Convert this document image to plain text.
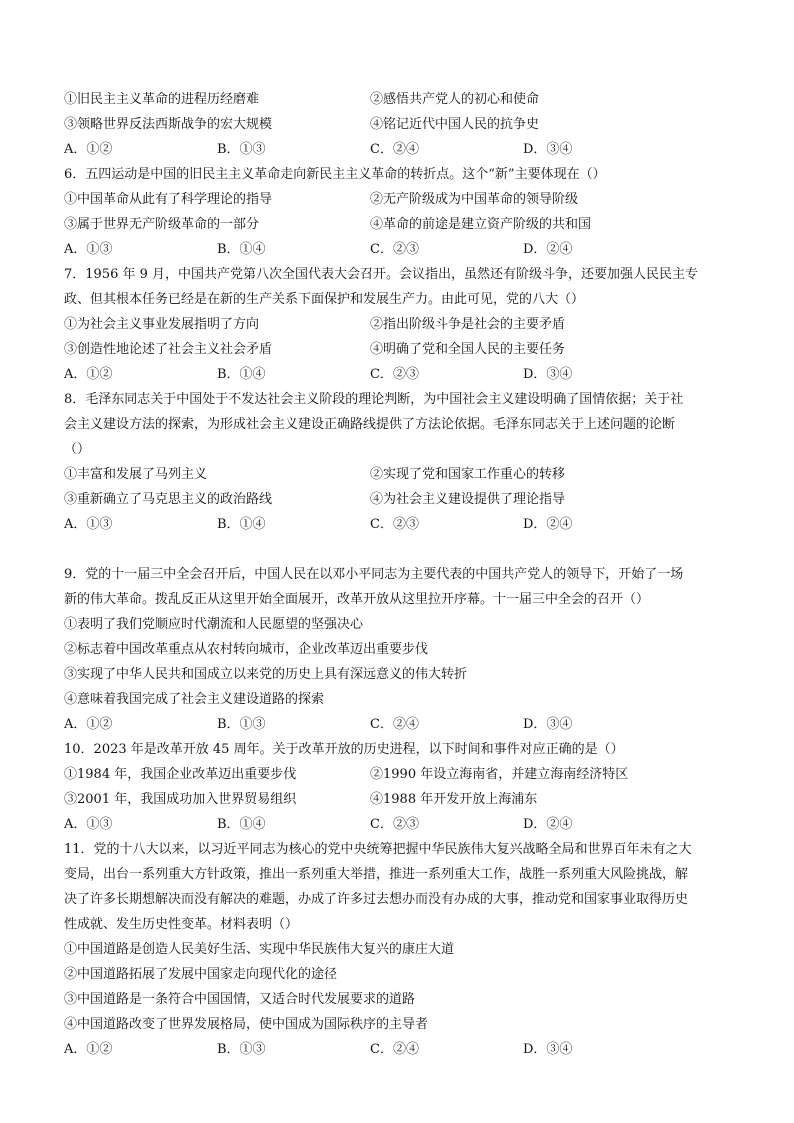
①旧民主主义革命的进程历经磨难	②感悟共产党人的初心和使命
③领略世界反法西斯战争的宏大规模	④铭记近代中国人民的抗争史
A．①②	B．①③	C．②④	D．③④
6．五四运动是中国的旧民主主义革命走向新民主主义革命的转折点。这个“新”主要体现在（）
①中国革命从此有了科学理论的指导	②无产阶级成为中国革命的领导阶级
③属于世界无产阶级革命的一部分	④革命的前途是建立资产阶级的共和国
A．①③	B．①④	C．②③	D．②④
7．1956 年 9 月，中国共产党第八次全国代表大会召开。会议指出，虽然还有阶级斗争，还要加强人民民主专
政、但其根本任务已经是在新的生产关系下面保护和发展生产力。由此可见，党的八大（）
①为社会主义事业发展指明了方向	②指出阶级斗争是社会的主要矛盾
③创造性地论述了社会主义社会矛盾	④明确了党和全国人民的主要任务
A．①②	B．①④	C．②③	D．③④
8．毛泽东同志关于中国处于不发达社会主义阶段的理论判断，为中国社会主义建设明确了国情依据；关于社
会主义建设方法的探索，为形成社会主义建设正确路线提供了方法论依据。毛泽东同志关于上述问题的论断
（）
①丰富和发展了马列主义	②实现了党和国家工作重心的转移
③重新确立了马克思主义的政治路线	④为社会主义建设提供了理论指导
A．①③	B．①④	C．②③	D．②④
9．党的十一届三中全会召开后，中国人民在以邓小平同志为主要代表的中国共产党人的领导下，开始了一场
新的伟大革命。拨乱反正从这里开始全面展开，改革开放从这里拉开序幕。十一届三中全会的召开（）
①表明了我们党顺应时代潮流和人民愿望的坚强决心
②标志着中国改革重点从农村转向城市，企业改革迈出重要步伐
③实现了中华人民共和国成立以来党的历史上具有深远意义的伟大转折
④意味着我国完成了社会主义建设道路的探索
A．①②	B．①③	C．②④	D．③④
10．2023 年是改革开放 45 周年。关于改革开放的历史进程，以下时间和事件对应正确的是（）
①1984 年，我国企业改革迈出重要步伐	②1990 年设立海南省，并建立海南经济特区
③2001 年，我国成功加入世界贸易组织	④1988 年开发开放上海浦东
A．①③	B．①④	C．②③	D．②④
11．党的十八大以来，以习近平同志为核心的党中央统筹把握中华民族伟大复兴战略全局和世界百年未有之大
变局，出台一系列重大方针政策，推出一系列重大举措，推进一系列重大工作，战胜一系列重大风险挑战，解
决了许多长期想解决而没有解决的难题，办成了许多过去想办而没有办成的大事，推动党和国家事业取得历史
性成就、发生历史性变革。材料表明（）
①中国道路是创造人民美好生活、实现中华民族伟大复兴的康庄大道
②中国道路拓展了发展中国家走向现代化的途径
③中国道路是一条符合中国国情，又适合时代发展要求的道路
④中国道路改变了世界发展格局，使中国成为国际秩序的主导者
A．①②	B．①③	C．②④	D．③④
